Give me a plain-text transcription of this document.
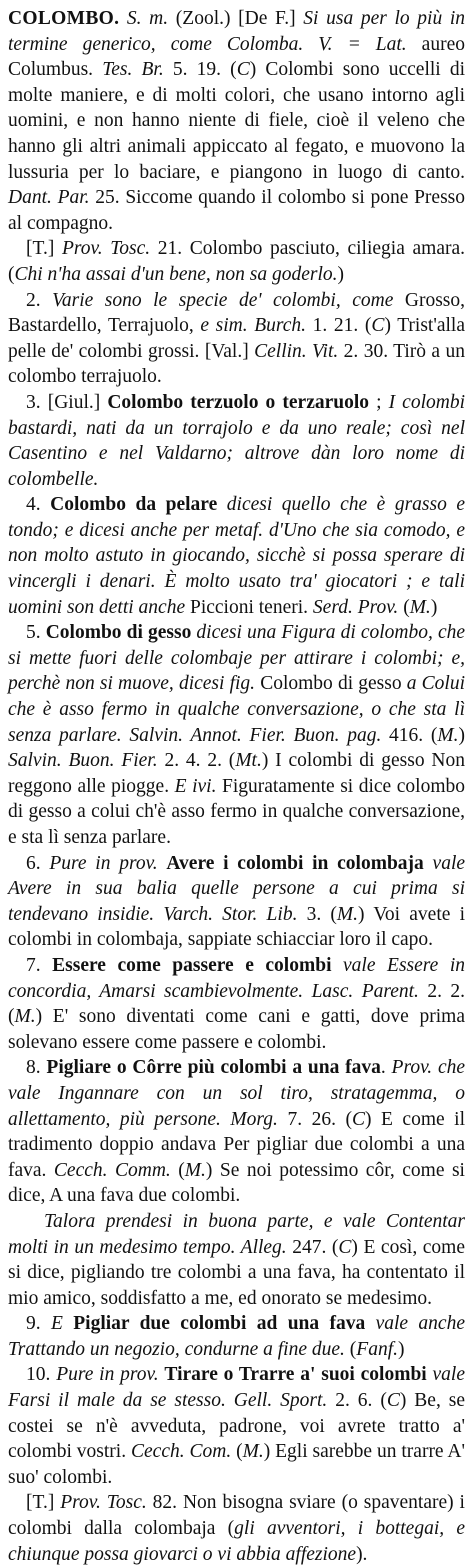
COLOMBO. S. m. (Zool.) [De F.] Si usa per lo più in termine generico, come Colomba. V. = Lat. aureo Columbus. Tes. Br. 5. 19. (C) Colombi sono uccelli di molte maniere, e di molti colori, che usano intorno agli uomini, e non hanno niente di fiele, cioè il veleno che hanno gli altri animali appiccato al fegato, e muovono la lussuria per lo baciare, e piangono in luogo di canto. Dant. Par. 25. Siccome quando il colombo si pone Presso al compagno.

[T.] Prov. Tosc. 21. Colombo pasciuto, ciliegia amara. (Chi n'ha assai d'un bene, non sa goderlo.)

2. Varie sono le specie de' colombi, come Grosso, Bastardello, Terrajuolo, e sim. Burch. 1. 21. (C) Trist'alla pelle de' colombi grossi. [Val.] Cellin. Vit. 2. 30. Tirò a un colombo terrajuolo.

3. [Giul.] Colombo terzuolo o terzaruolo ; I colombi bastardi, nati da un torrajolo e da uno reale; così nel Casentino e nel Valdarno; altrove dàn loro nome di colombelle.

4. Colombo da pelare dicesi quello che è grasso e tondo; e dicesi anche per metaf. d'Uno che sia comodo, e non molto astuto in giocando, sicchè si possa sperare di vincergli i denari. È molto usato tra' giocatori ; e tali uomini son detti anche Piccioni teneri. Serd. Prov. (M.)

5. Colombo di gesso dicesi una Figura di colombo, che si mette fuori delle colombaje per attirare i colombi; e, perchè non si muove, dicesi fig. Colombo di gesso a Colui che è asso fermo in qualche conversazione, o che sta lì senza parlare. Salvin. Annot. Fier. Buon. pag. 416. (M.) Salvin. Buon. Fier. 2. 4. 2. (Mt.) I colombi di gesso Non reggono alle piogge. E ivi. Figuratamente si dice colombo di gesso a colui ch'è asso fermo in qualche conversazione, e sta lì senza parlare.

6. Pure in prov. Avere i colombi in colombaja vale Avere in sua balia quelle persone a cui prima si tendevano insidie. Varch. Stor. Lib. 3. (M.) Voi avete i colombi in colombaja, sappiate schiacciar loro il capo.

7. Essere come passere e colombi vale Essere in concordia, Amarsi scambievolmente. Lasc. Parent. 2. 2. (M.) E' sono diventati come cani e gatti, dove prima solevano essere come passere e colombi.

8. Pigliare o Côrre più colombi a una fava. Prov. che vale Ingannare con un sol tiro, stratagemma, o allettamento, più persone. Morg. 7. 26. (C) E come il tradimento doppio andava Per pigliar due colombi a una fava. Cecch. Comm. (M.) Se noi potessimo côr, come si dice, A una fava due colombi.

Talora prendesi in buona parte, e vale Contentar molti in un medesimo tempo. Alleg. 247. (C) E così, come si dice, pigliando tre colombi a una fava, ha contentato il mio amico, soddisfatto a me, ed onorato se medesimo.

9. E Pigliar due colombi ad una fava vale anche Trattando un negozio, condurne a fine due. (Fanf.)

10. Pure in prov. Tirare o Trarre a' suoi colombi vale Farsi il male da se stesso. Gell. Sport. 2. 6. (C) Be, se costei se n'è avveduta, padrone, voi avrete tratto a' colombi vostri. Cecch. Com. (M.) Egli sarebbe un trarre A' suo' colombi.

[T.] Prov. Tosc. 82. Non bisogna sviare (o spaventare) i colombi dalla colombaja (gli avventori, i bottegai, e chiunque possa giovarci o vi abbia affezione).
